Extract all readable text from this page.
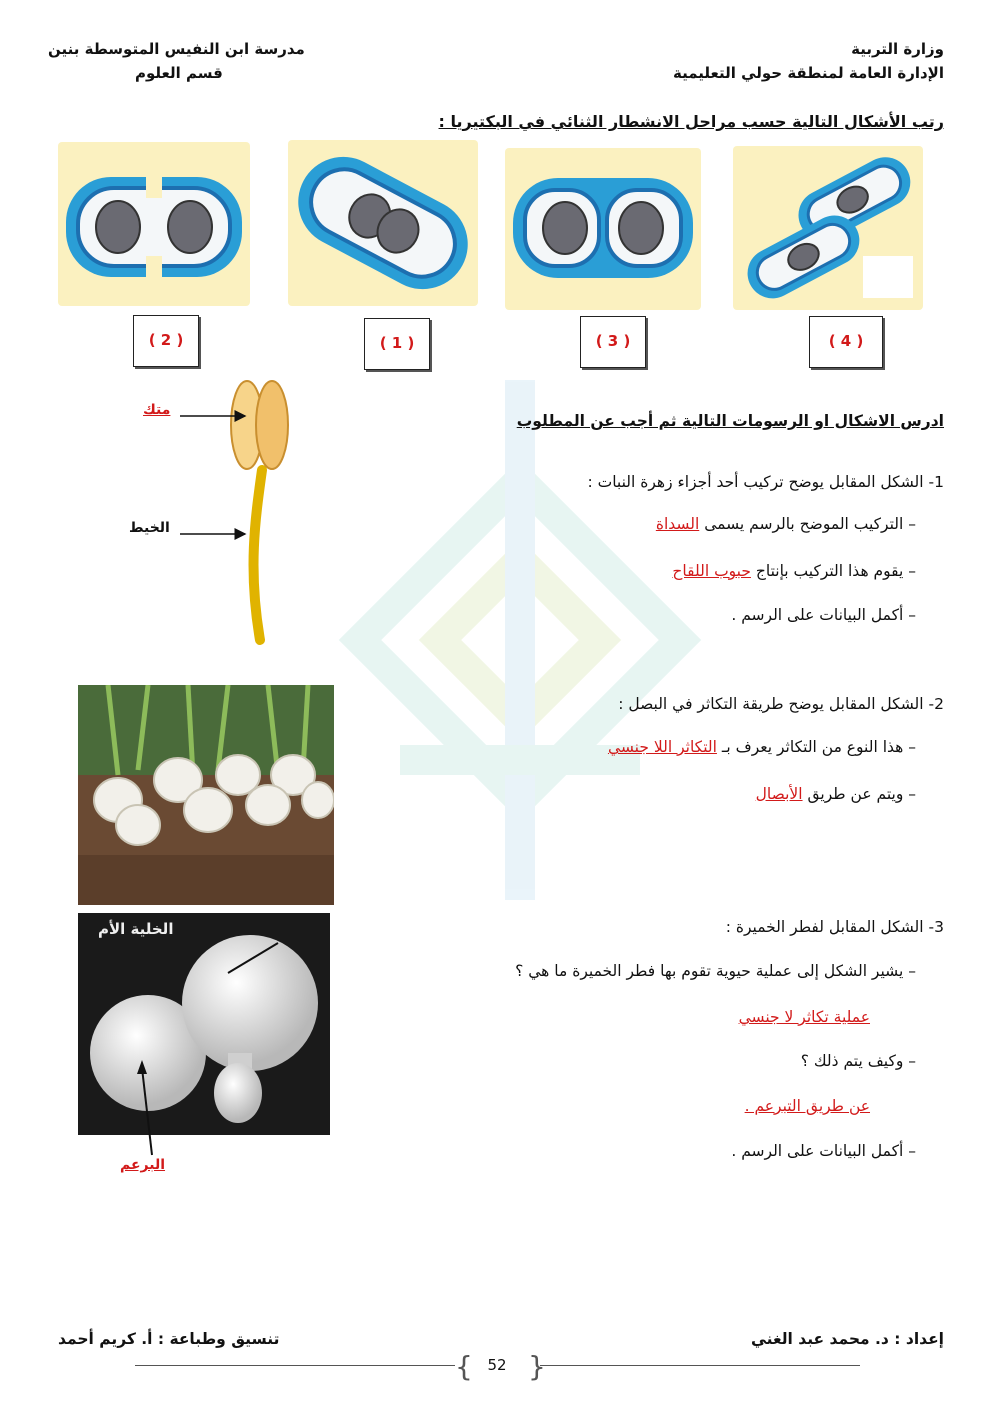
وزارة التربية
الإدارة العامة لمنطقة حولي التعليمية
مدرسة ابن النفيس المتوسطة بنين
قسم العلوم
رتب الأشكال التالية حسب مراحل الانشطار الثنائي في البكتيريا :
( 2 )	( 1 )	( 3 )	( 4 )
متك
الخيط
ادرس الاشكال او الرسومات التالية ثم أجب عن المطلوب
1- الشكل المقابل يوضح تركيب أحد أجزاء زهرة النبات :
– التركيب الموضح بالرسم يسمى السداة
– يقوم هذا التركيب بإنتاج حبوب اللقاح
– أكمل البيانات على الرسم .
2- الشكل المقابل يوضح طريقة التكاثر في البصل :
– هذا النوع من التكاثر يعرف بـ التكاثر اللا جنسي
– ويتم عن طريق الأبصال
الخلية الأم
البرعم
3- الشكل المقابل لفطر الخميرة :
– يشير الشكل إلى عملية حيوية تقوم بها فطر الخميرة ما هي ؟
عملية تكاثر لا جنسي
– وكيف يتم ذلك ؟
عن طريق التبرعم .
– أكمل البيانات على الرسم .
إعداد : د. محمد عبد الغني
تنسيق وطباعة : أ. كريم أحمد
{ }
52
